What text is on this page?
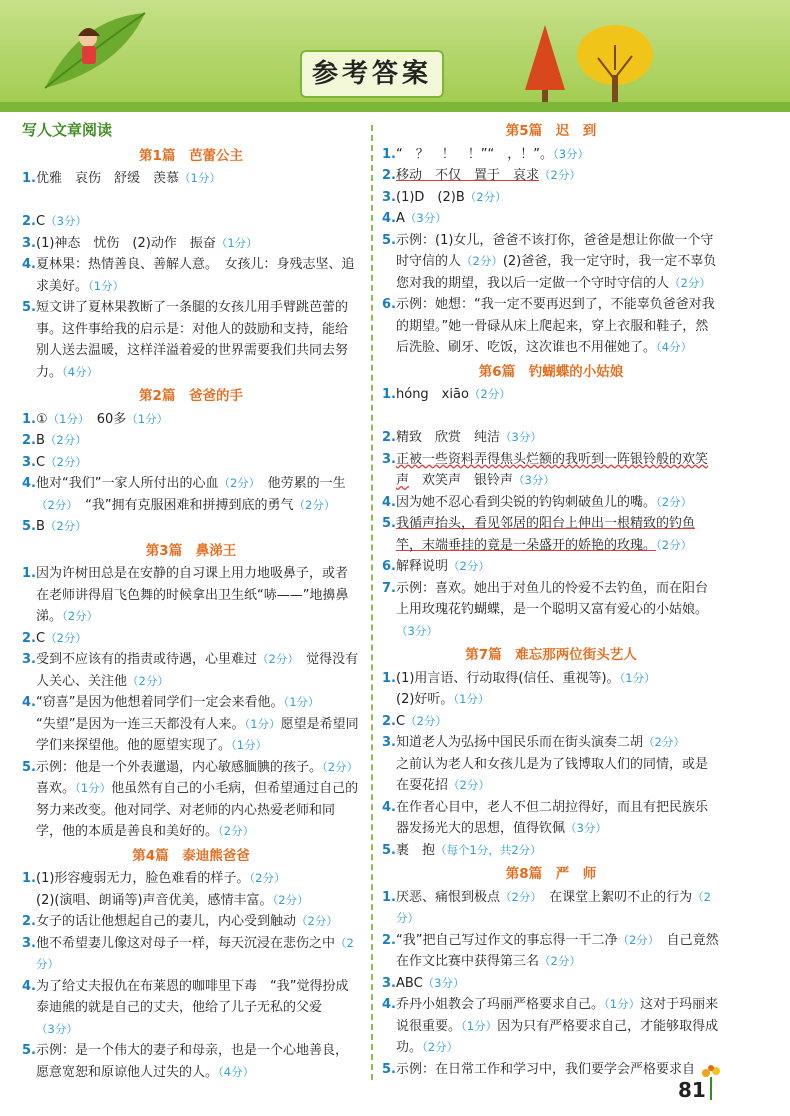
参考答案
写人文章阅读
第1篇　芭蕾公主
1. 优雅　哀伤　舒缓　羡慕（1分）

2. C（3分）
3. (1)神态　忧伤　(2)动作　振奋（1分）
4. 夏林果：热情善良、善解人意。　女孩儿：身残志坚、追求美好。（1分）
5. 短文讲了夏林果教断了一条腿的女孩儿用手臂跳芭蕾的事。这件事给我的启示是：对他人的鼓励和支持，能给别人送去温暖，这样洋溢着爱的世界需要我们共同去努力。（4分）
第2篇　爸爸的手
1. ①（1分）　 60多（1分）
2. B（2分）
3. C（2分）
4. 他对“我们”一家人所付出的心血（2分）　他劳累的一生（2分）　“我”拥有克服困难和拼搏到底的勇气（2分）
5. B（2分）
第3篇　鼻涕王
1. 因为许树田总是在安静的自习课上用力地吸鼻子，或者在老师讲得眉飞色舞的时候拿出卫生纸“哧——”地擤鼻涕。（2分）
2. C（2分）
3. 受到不应该有的指责或待遇，心里难过（2分）　觉得没有人关心、关注他（2分）
4. “窃喜”是因为他想着同学们一定会来看他。（1分）
“失望”是因为一连三天都没有人来。（1分）愿望是希望同学们来探望他。他的愿望实现了。（1分）
5. 示例：他是一个外表邋遢，内心敏感腼腆的孩子。（2分）
喜欢。（1分）他虽然有自己的小毛病，但希望通过自己的努力来改变。他对同学、对老师的内心热爱老师和同学，他的本质是善良和美好的。（2分）
第4篇　泰迪熊爸爸
1. (1)形容瘦弱无力，脸色难看的样子。（2分）
(2)(演唱、朗诵等)声音优美，感情丰富。（2分）
2. 女子的话让他想起自己的妻儿，内心受到触动（2分）
3. 他不希望妻儿像这对母子一样，每天沉浸在悲伤之中（2分）
4. 为了给丈夫报仇在布莱恩的咖啡里下毒　“我”觉得扮成泰迪熊的就是自己的丈夫，他给了儿子无私的父爱（3分）
5. 示例：是一个伟大的妻子和母亲，也是一个心地善良，愿意宽恕和原谅他人过失的人。（4分）
第5篇　迟　到
1. “　？　！　！”“　，！”。（3分）
2. 移动　不仅　置于　哀求（2分）
3. (1)D　(2)B（2分）
4. A（3分）
5. 示例：(1)女儿，爸爸不该打你，爸爸是想让你做一个守时守信的人（2分）(2)爸爸，我一定守时，我一定不辜负您对我的期望，我以后一定做一个守时守信的人（2分）
6. 示例：她想：“我一定不要再迟到了，不能辜负爸爸对我的期望。”她一骨碌从床上爬起来，穿上衣服和鞋子，然后洗脸、刷牙、吃饭，这次谁也不用催她了。（4分）
第6篇　钓蝴蝶的小姑娘
1. hóng　xiāo（2分）

2. 精致　欣赏　纯洁（3分）
3. 正被一些资料弄得焦头烂额的我听到一阵银铃般的欢笑声　欢笑声　银铃声（3分）
4. 因为她不忍心看到尖锐的钓钩刺破鱼儿的嘴。（2分）
5. 我循声抬头，看见邻居的阳台上伸出一根精致的钓鱼竿，末端垂挂的竟是一朵盛开的娇艳的玫瑰。（2分）
6. 解释说明（2分）
7. 示例：喜欢。她出于对鱼儿的怜爱不去钓鱼，而在阳台上用玫瑰花钓蝴蝶，是一个聪明又富有爱心的小姑娘。（3分）
第7篇　难忘那两位街头艺人
1. (1)用言语、行动取得(信任、重视等)。（1分）
(2)好听。（1分）
2. C（2分）
3. 知道老人为弘扬中国民乐而在街头演奏二胡（2分）
之前认为老人和女孩儿是为了钱博取人们的同情，或是在耍花招（2分）
4. 在作者心目中，老人不但二胡拉得好，而且有把民族乐器发扬光大的思想，值得钦佩（3分）
5. 裹　抱（每个1分，共2分）
第8篇　严　师
1. 厌恶、痛恨到极点（2分）　在课堂上絮叨不止的行为（2分）
2. “我”把自己写过作文的事忘得一干二净（2分）　自己竟然在作文比赛中获得第三名（2分）
3. ABC（3分）
4. 乔丹小姐教会了玛丽严格要求自己。（1分）这对于玛丽来说很重要。（1分）因为只有严格要求自己，才能够取得成功。（2分）
5. 示例：在日常工作和学习中，我们要学会严格要求自
81
